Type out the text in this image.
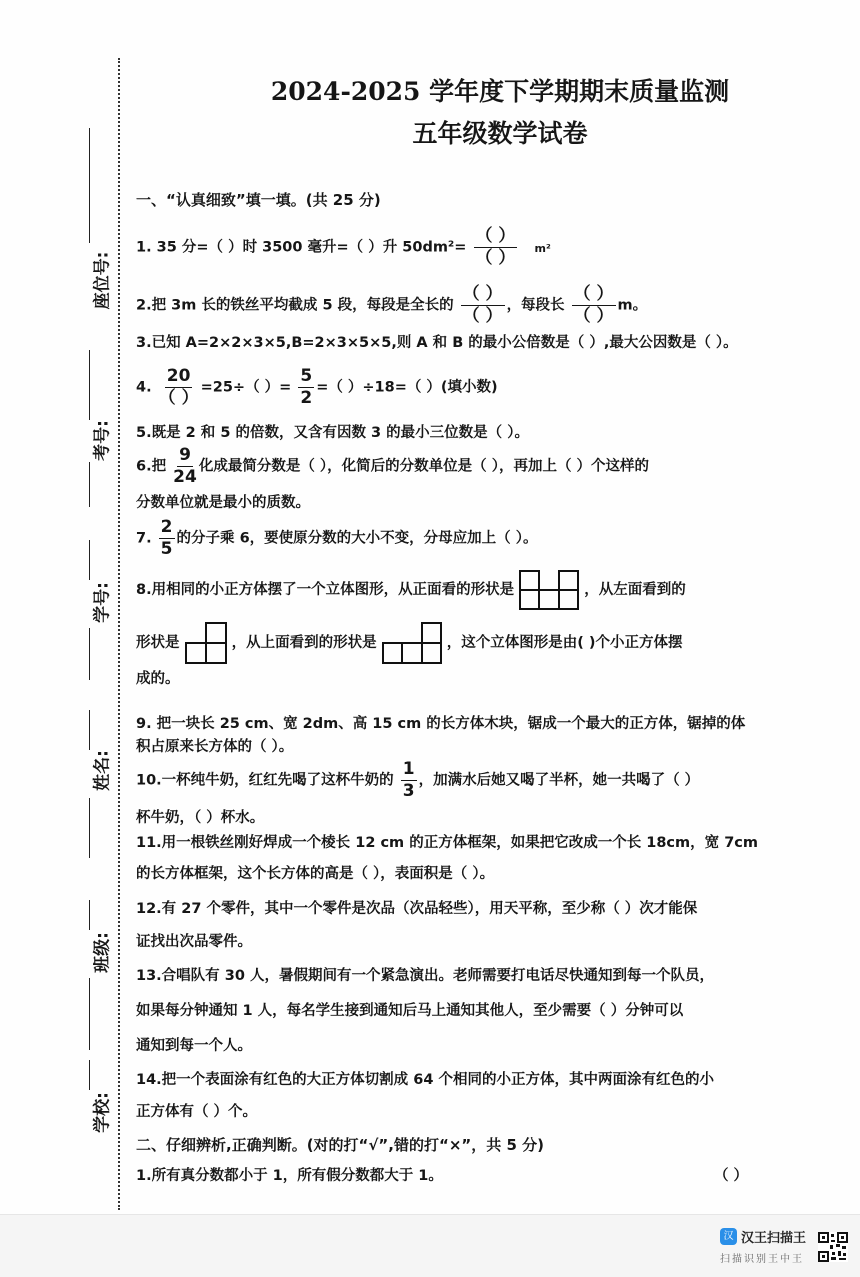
座位号:
考号:
学号:
姓名:
班级:
学校:
2024-2025 学年度下学期期末质量监测
五年级数学试卷
一、“认真细致”填一填。(共 25 分)
1. 35 分=（ ）时 3500 毫升=（ ）升 $50dm^2= \frac{( )}{( )} m^2$
2.把 3m 长的铁丝平均截成 5 段，每段是全长的 $\frac{( )}{( )}$ ，每段长 $\frac{( )}{( )}$ m。
3.已知 A=2×2×3×5,B=2×3×5×5,则 A 和 B 的最小公倍数是（ ）,最大公因数是（ ）。
4. $\frac{20}{( )} =25\div$（ ）= $\frac{5}{2}$ =（ ）÷18=（ ）(填小数)
5.既是 2 和 5 的倍数，又含有因数 3 的最小三位数是（ ）。
6.把 $\frac{9}{24}$ 化成最简分数是（ ），化简后的分数单位是（ ），再加上（ ）个这样的
分数单位就是最小的质数。
7. $\frac{2}{5}$ 的分子乘 6，要使原分数的大小不变，分母应加上（ ）。
8.用相同的小正方体摆了一个立体图形，从正面看的形状是	，从左面看到的
形状是	，从上面看到的形状是	，这个立体图形是由( )个小正方体摆
成的。
9. 把一块长 25 cm、宽 2dm、高 15 cm 的长方体木块，锯成一个最大的正方体，锯掉的体
积占原来长方体的（ ）。
10.一杯纯牛奶，红红先喝了这杯牛奶的 $\frac{1}{3}$ ，加满水后她又喝了半杯，她一共喝了（ ）
杯牛奶，（ ）杯水。
11.用一根铁丝刚好焊成一个棱长 12 cm 的正方体框架，如果把它改成一个长 18cm，宽 7cm
的长方体框架，这个长方体的高是（ ），表面积是（ ）。
12.有 27 个零件，其中一个零件是次品（次品轻些），用天平称，至少称（ ）次才能保
证找出次品零件。
13.合唱队有 30 人，暑假期间有一个紧急演出。老师需要打电话尽快通知到每一个队员，
如果每分钟通知 1 人，每名学生接到通知后马上通知其他人，至少需要（ ）分钟可以
通知到每一个人。
14.把一个表面涂有红色的大正方体切割成 64 个相同的小正方体，其中两面涂有红色的小
正方体有（ ）个。
二、仔细辨析,正确判断。(对的打“√”,错的打“×”，共 5 分)
1.所有真分数都小于 1，所有假分数都大于 1。	（ ）
汉 汉王扫描王
扫描识别王中王
